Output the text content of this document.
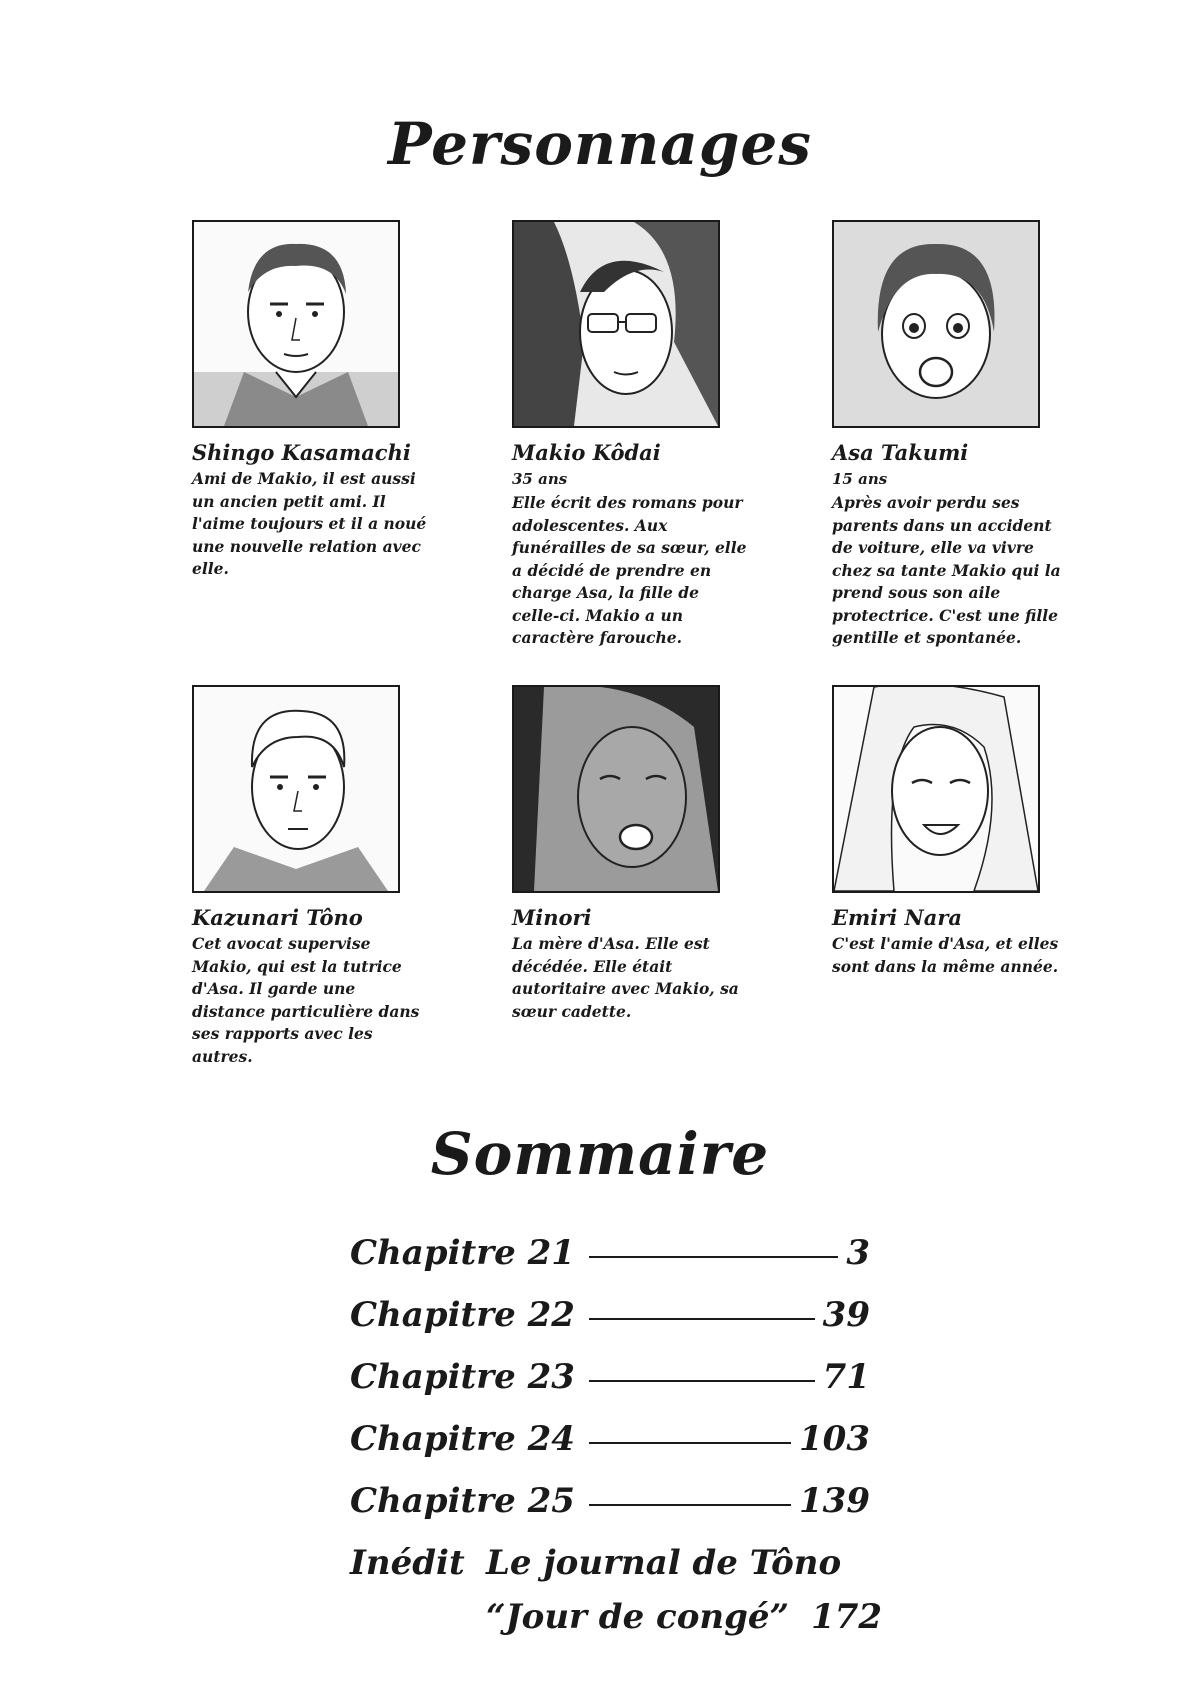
Personnages
Shingo Kasamachi
Ami de Makio, il est aussi un ancien petit ami. Il l'aime toujours et il a noué une nouvelle relation avec elle.
Makio Kôdai
35 ans
Elle écrit des romans pour adolescentes. Aux funérailles de sa sœur, elle a décidé de prendre en charge Asa, la fille de celle-ci. Makio a un caractère farouche.
Asa Takumi
15 ans
Après avoir perdu ses parents dans un accident de voiture, elle va vivre chez sa tante Makio qui la prend sous son aile protectrice. C'est une fille gentille et spontanée.
Kazunari Tôno
Cet avocat supervise Makio, qui est la tutrice d'Asa. Il garde une distance particulière dans ses rapports avec les autres.
Minori
La mère d'Asa. Elle est décédée. Elle était autoritaire avec Makio, sa sœur cadette.
Emiri Nara
C'est l'amie d'Asa, et elles sont dans la même année.
Sommaire
Chapitre 21	3
Chapitre 22	39
Chapitre 23	71
Chapitre 24	103
Chapitre 25	139
Inédit Le journal de Tôno
“Jour de congé” 172
